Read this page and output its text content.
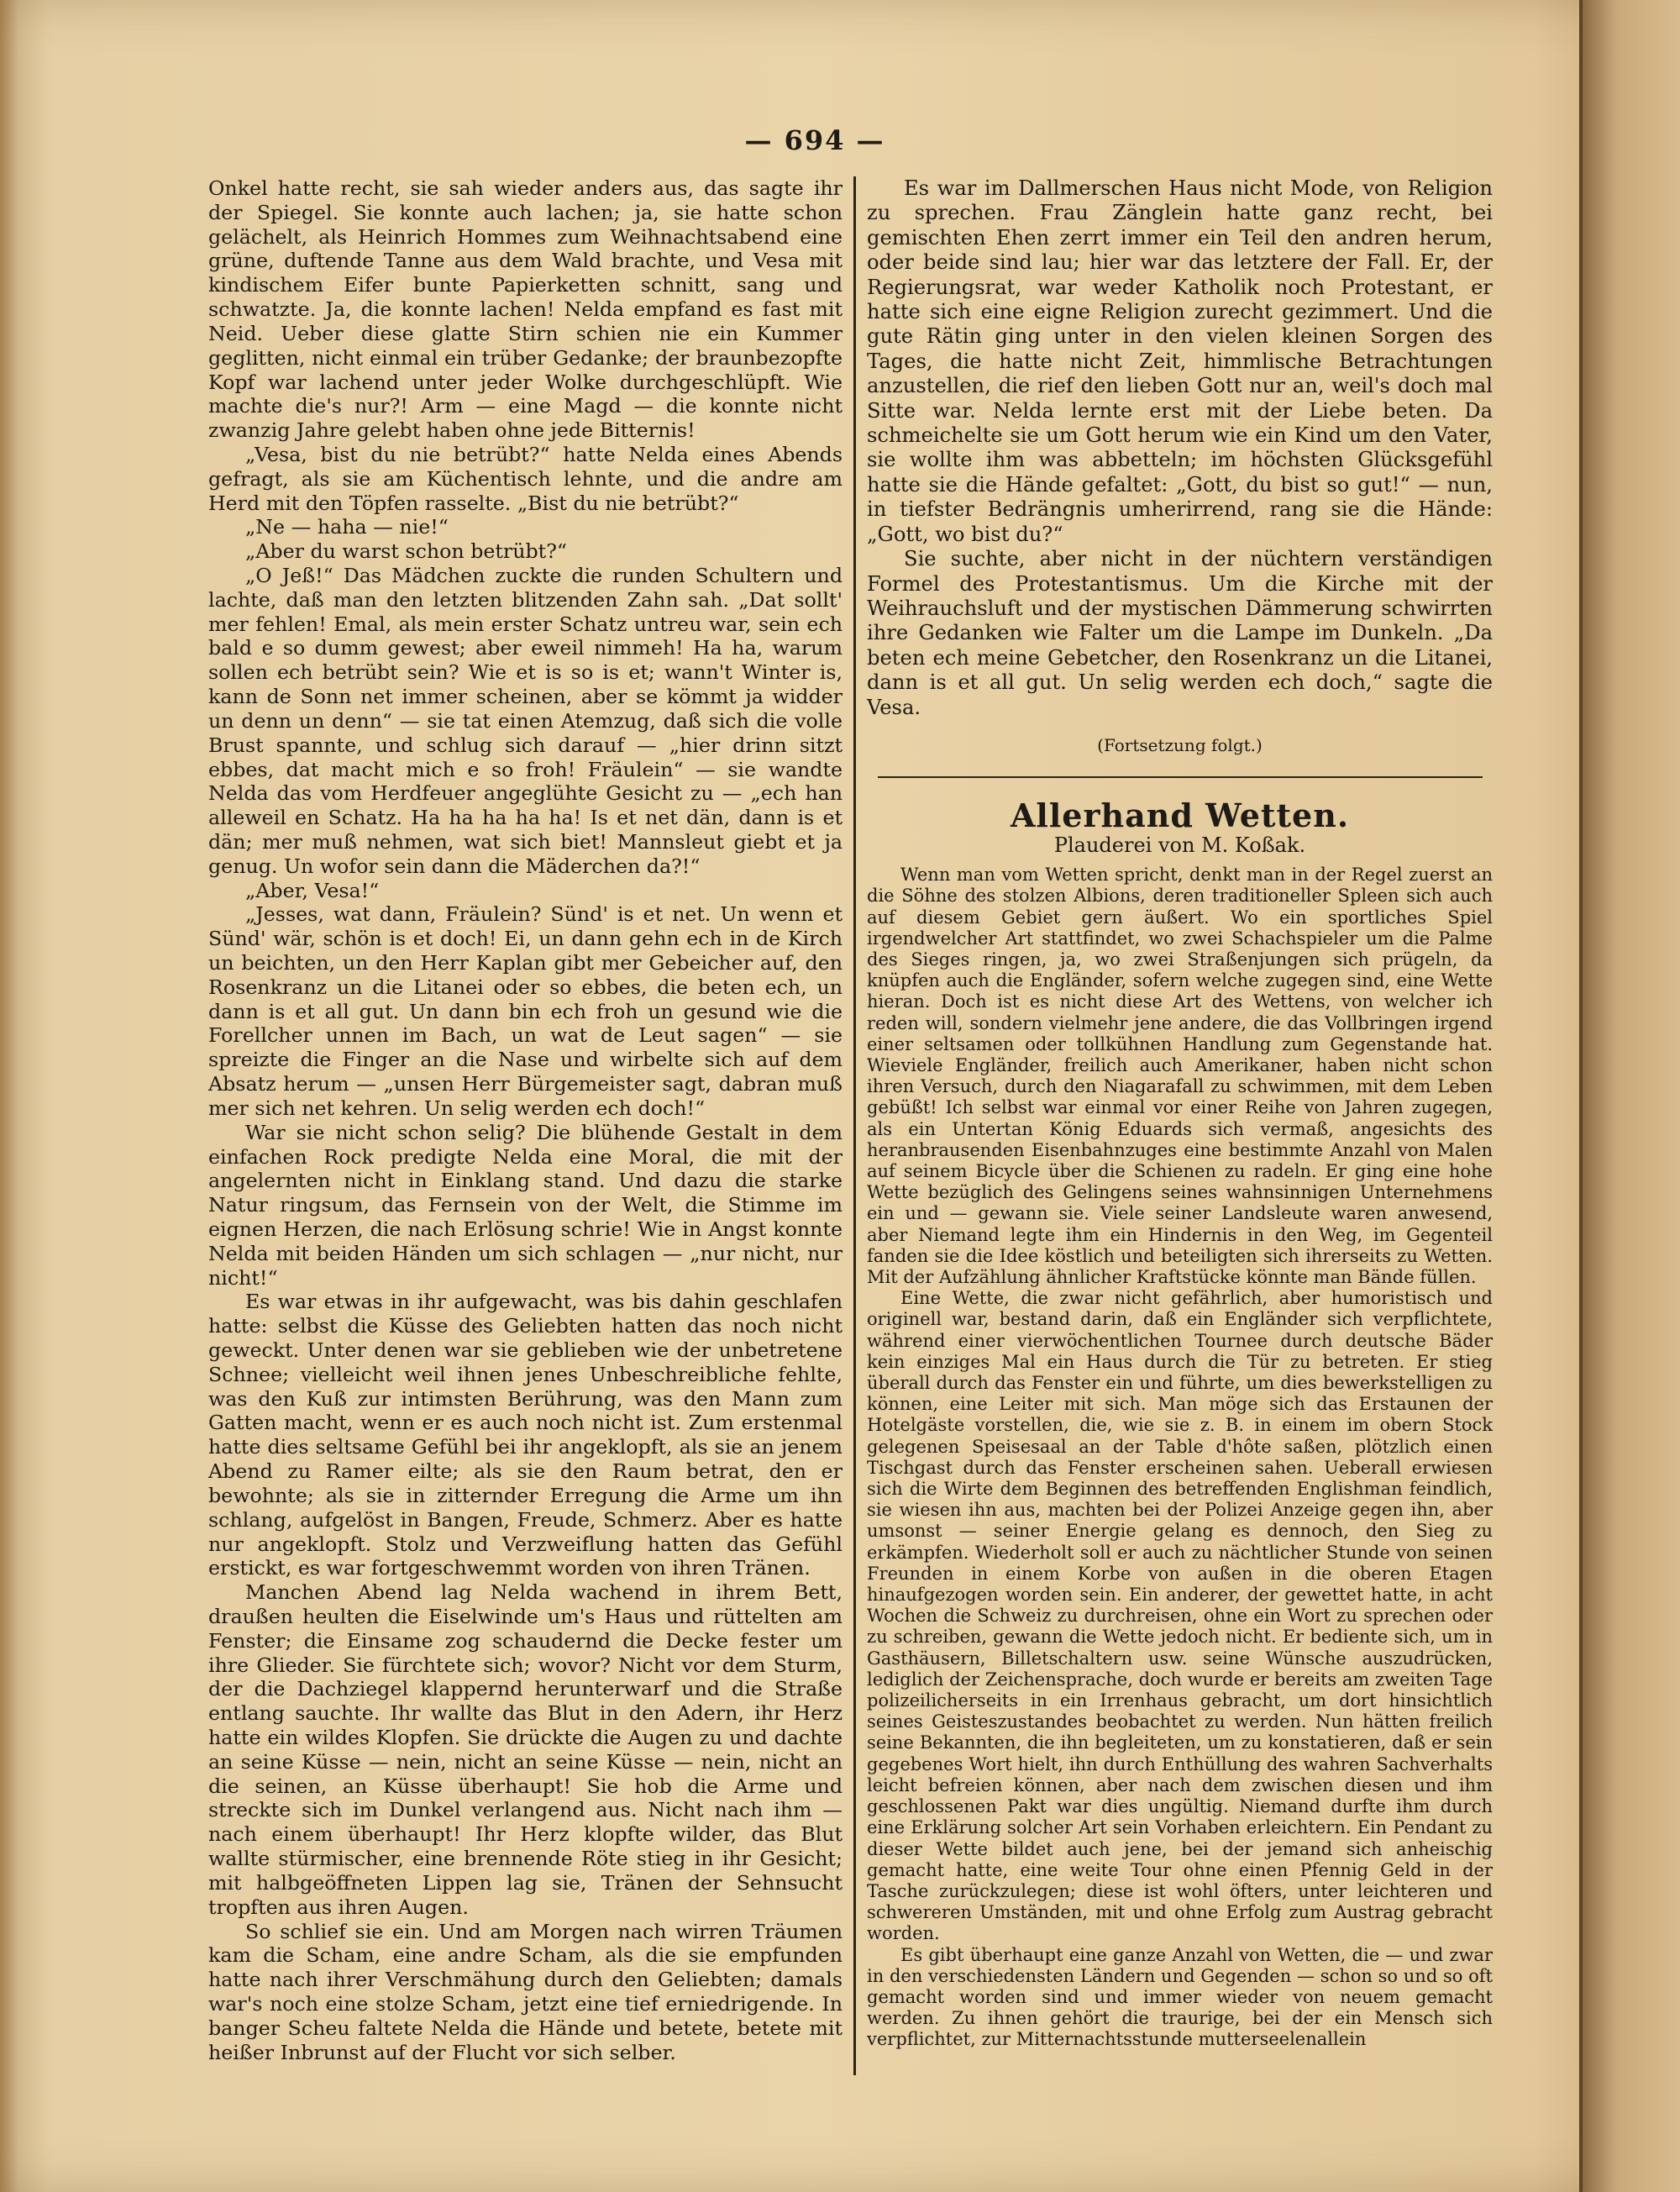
— 694 —

Onkel hatte recht, sie sah wieder anders aus, das sagte ihr der Spiegel. Sie konnte auch lachen; ja, sie hatte schon gelächelt, als Heinrich Hommes zum Weihnachtsabend eine grüne, duftende Tanne aus dem Wald brachte, und Vesa mit kindischem Eifer bunte Papierketten schnitt, sang und schwatzte. Ja, die konnte lachen! Nelda empfand es fast mit Neid. Ueber diese glatte Stirn schien nie ein Kummer geglitten, nicht einmal ein trüber Gedanke; der braunbezopfte Kopf war lachend unter jeder Wolke durchgeschlüpft. Wie machte die's nur?! Arm — eine Magd — die konnte nicht zwanzig Jahre gelebt haben ohne jede Bitternis!

„Vesa, bist du nie betrübt?“ hatte Nelda eines Abends gefragt, als sie am Küchentisch lehnte, und die andre am Herd mit den Töpfen rasselte. „Bist du nie betrübt?“

„Ne — haha — nie!“

„Aber du warst schon betrübt?“

„O Jeß!“ Das Mädchen zuckte die runden Schultern und lachte, daß man den letzten blitzenden Zahn sah. „Dat sollt' mer fehlen! Emal, als mein erster Schatz untreu war, sein ech bald e so dumm gewest; aber eweil nimmeh! Ha ha, warum sollen ech betrübt sein? Wie et is so is et; wann't Winter is, kann de Sonn net immer scheinen, aber se kömmt ja widder un denn un denn“ — sie tat einen Atemzug, daß sich die volle Brust spannte, und schlug sich darauf — „hier drinn sitzt ebbes, dat macht mich e so froh! Fräulein“ — sie wandte Nelda das vom Herdfeuer angeglühte Gesicht zu — „ech han alleweil en Schatz. Ha ha ha ha ha! Is et net dän, dann is et dän; mer muß nehmen, wat sich biet! Mannsleut giebt et ja genug. Un wofor sein dann die Mäderchen da?!“

„Aber, Vesa!“

„Jesses, wat dann, Fräulein? Sünd' is et net. Un wenn et Sünd' wär, schön is et doch! Ei, un dann gehn ech in de Kirch un beichten, un den Herr Kaplan gibt mer Gebeicher auf, den Rosenkranz un die Litanei oder so ebbes, die beten ech, un dann is et all gut. Un dann bin ech froh un gesund wie die Forellcher unnen im Bach, un wat de Leut sagen“ — sie spreizte die Finger an die Nase und wirbelte sich auf dem Absatz herum — „unsen Herr Bürgemeister sagt, dabran muß mer sich net kehren. Un selig werden ech doch!“

War sie nicht schon selig? Die blühende Gestalt in dem einfachen Rock predigte Nelda eine Moral, die mit der angelernten nicht in Einklang stand. Und dazu die starke Natur ringsum, das Fernsein von der Welt, die Stimme im eignen Herzen, die nach Erlösung schrie! Wie in Angst konnte Nelda mit beiden Händen um sich schlagen — „nur nicht, nur nicht!“

Es war etwas in ihr aufgewacht, was bis dahin geschlafen hatte: selbst die Küsse des Geliebten hatten das noch nicht geweckt. Unter denen war sie geblieben wie der unbetretene Schnee; vielleicht weil ihnen jenes Unbeschreibliche fehlte, was den Kuß zur intimsten Berührung, was den Mann zum Gatten macht, wenn er es auch noch nicht ist. Zum erstenmal hatte dies seltsame Gefühl bei ihr angeklopft, als sie an jenem Abend zu Ramer eilte; als sie den Raum betrat, den er bewohnte; als sie in zitternder Erregung die Arme um ihn schlang, aufgelöst in Bangen, Freude, Schmerz. Aber es hatte nur angeklopft. Stolz und Verzweiflung hatten das Gefühl erstickt, es war fortgeschwemmt worden von ihren Tränen.

Manchen Abend lag Nelda wachend in ihrem Bett, draußen heulten die Eiselwinde um's Haus und rüttelten am Fenster; die Einsame zog schaudernd die Decke fester um ihre Glieder. Sie fürchtete sich; wovor? Nicht vor dem Sturm, der die Dachziegel klappernd herunterwarf und die Straße entlang sauchte. Ihr wallte das Blut in den Adern, ihr Herz hatte ein wildes Klopfen. Sie drückte die Augen zu und dachte an seine Küsse — nein, nicht an seine Küsse — nein, nicht an die seinen, an Küsse überhaupt! Sie hob die Arme und streckte sich im Dunkel verlangend aus. Nicht nach ihm — nach einem überhaupt! Ihr Herz klopfte wilder, das Blut wallte stürmischer, eine brennende Röte stieg in ihr Gesicht; mit halbgeöffneten Lippen lag sie, Tränen der Sehnsucht tropften aus ihren Augen.

So schlief sie ein. Und am Morgen nach wirren Träumen kam die Scham, eine andre Scham, als die sie empfunden hatte nach ihrer Verschmähung durch den Geliebten; damals war's noch eine stolze Scham, jetzt eine tief erniedrigende. In banger Scheu faltete Nelda die Hände und betete, betete mit heißer Inbrunst auf der Flucht vor sich selber.

Es war im Dallmerschen Haus nicht Mode, von Religion zu sprechen. Frau Zänglein hatte ganz recht, bei gemischten Ehen zerrt immer ein Teil den andren herum, oder beide sind lau; hier war das letztere der Fall. Er, der Regierungsrat, war weder Katholik noch Protestant, er hatte sich eine eigne Religion zurecht gezimmert. Und die gute Rätin ging unter in den vielen kleinen Sorgen des Tages, die hatte nicht Zeit, himmlische Betrachtungen anzustellen, die rief den lieben Gott nur an, weil's doch mal Sitte war. Nelda lernte erst mit der Liebe beten. Da schmeichelte sie um Gott herum wie ein Kind um den Vater, sie wollte ihm was abbetteln; im höchsten Glücksgefühl hatte sie die Hände gefaltet: „Gott, du bist so gut!“ — nun, in tiefster Bedrängnis umherirrend, rang sie die Hände: „Gott, wo bist du?“

Sie suchte, aber nicht in der nüchtern verständigen Formel des Protestantismus. Um die Kirche mit der Weihrauchsluft und der mystischen Dämmerung schwirrten ihre Gedanken wie Falter um die Lampe im Dunkeln. „Da beten ech meine Gebetcher, den Rosenkranz un die Litanei, dann is et all gut. Un selig werden ech doch,“ sagte die Vesa.

(Fortsetzung folgt.)
Allerhand Wetten.
Plauderei von M. Koßak.

Wenn man vom Wetten spricht, denkt man in der Regel zuerst an die Söhne des stolzen Albions, deren traditioneller Spleen sich auch auf diesem Gebiet gern äußert. Wo ein sportliches Spiel irgendwelcher Art stattfindet, wo zwei Schachspieler um die Palme des Sieges ringen, ja, wo zwei Straßenjungen sich prügeln, da knüpfen auch die Engländer, sofern welche zugegen sind, eine Wette hieran. Doch ist es nicht diese Art des Wettens, von welcher ich reden will, sondern vielmehr jene andere, die das Vollbringen irgend einer seltsamen oder tollkühnen Handlung zum Gegenstande hat. Wieviele Engländer, freilich auch Amerikaner, haben nicht schon ihren Versuch, durch den Niagarafall zu schwimmen, mit dem Leben gebüßt! Ich selbst war einmal vor einer Reihe von Jahren zugegen, als ein Untertan König Eduards sich vermaß, angesichts des heranbrausenden Eisenbahnzuges eine bestimmte Anzahl von Malen auf seinem Bicycle über die Schienen zu radeln. Er ging eine hohe Wette bezüglich des Gelingens seines wahnsinnigen Unternehmens ein und — gewann sie. Viele seiner Landsleute waren anwesend, aber Niemand legte ihm ein Hindernis in den Weg, im Gegenteil fanden sie die Idee köstlich und beteiligten sich ihrerseits zu Wetten. Mit der Aufzählung ähnlicher Kraftstücke könnte man Bände füllen.

Eine Wette, die zwar nicht gefährlich, aber humoristisch und originell war, bestand darin, daß ein Engländer sich verpflichtete, während einer vierwöchentlichen Tournee durch deutsche Bäder kein einziges Mal ein Haus durch die Tür zu betreten. Er stieg überall durch das Fenster ein und führte, um dies bewerkstelligen zu können, eine Leiter mit sich. Man möge sich das Erstaunen der Hotelgäste vorstellen, die, wie sie z. B. in einem im obern Stock gelegenen Speisesaal an der Table d'hôte saßen, plötzlich einen Tischgast durch das Fenster erscheinen sahen. Ueberall erwiesen sich die Wirte dem Beginnen des betreffenden Englishman feindlich, sie wiesen ihn aus, machten bei der Polizei Anzeige gegen ihn, aber umsonst — seiner Energie gelang es dennoch, den Sieg zu erkämpfen. Wiederholt soll er auch zu nächtlicher Stunde von seinen Freunden in einem Korbe von außen in die oberen Etagen hinaufgezogen worden sein. Ein anderer, der gewettet hatte, in acht Wochen die Schweiz zu durchreisen, ohne ein Wort zu sprechen oder zu schreiben, gewann die Wette jedoch nicht. Er bediente sich, um in Gasthäusern, Billetschaltern usw. seine Wünsche auszudrücken, lediglich der Zeichensprache, doch wurde er bereits am zweiten Tage polizeilicherseits in ein Irrenhaus gebracht, um dort hinsichtlich seines Geisteszustandes beobachtet zu werden. Nun hätten freilich seine Bekannten, die ihn begleiteten, um zu konstatieren, daß er sein gegebenes Wort hielt, ihn durch Enthüllung des wahren Sachverhalts leicht befreien können, aber nach dem zwischen diesen und ihm geschlossenen Pakt war dies ungültig. Niemand durfte ihm durch eine Erklärung solcher Art sein Vorhaben erleichtern. Ein Pendant zu dieser Wette bildet auch jene, bei der jemand sich anheischig gemacht hatte, eine weite Tour ohne einen Pfennig Geld in der Tasche zurückzulegen; diese ist wohl öfters, unter leichteren und schwereren Umständen, mit und ohne Erfolg zum Austrag gebracht worden.

Es gibt überhaupt eine ganze Anzahl von Wetten, die — und zwar in den verschiedensten Ländern und Gegenden — schon so und so oft gemacht worden sind und immer wieder von neuem gemacht werden. Zu ihnen gehört die traurige, bei der ein Mensch sich verpflichtet, zur Mitternachtsstunde mutterseelenallein
